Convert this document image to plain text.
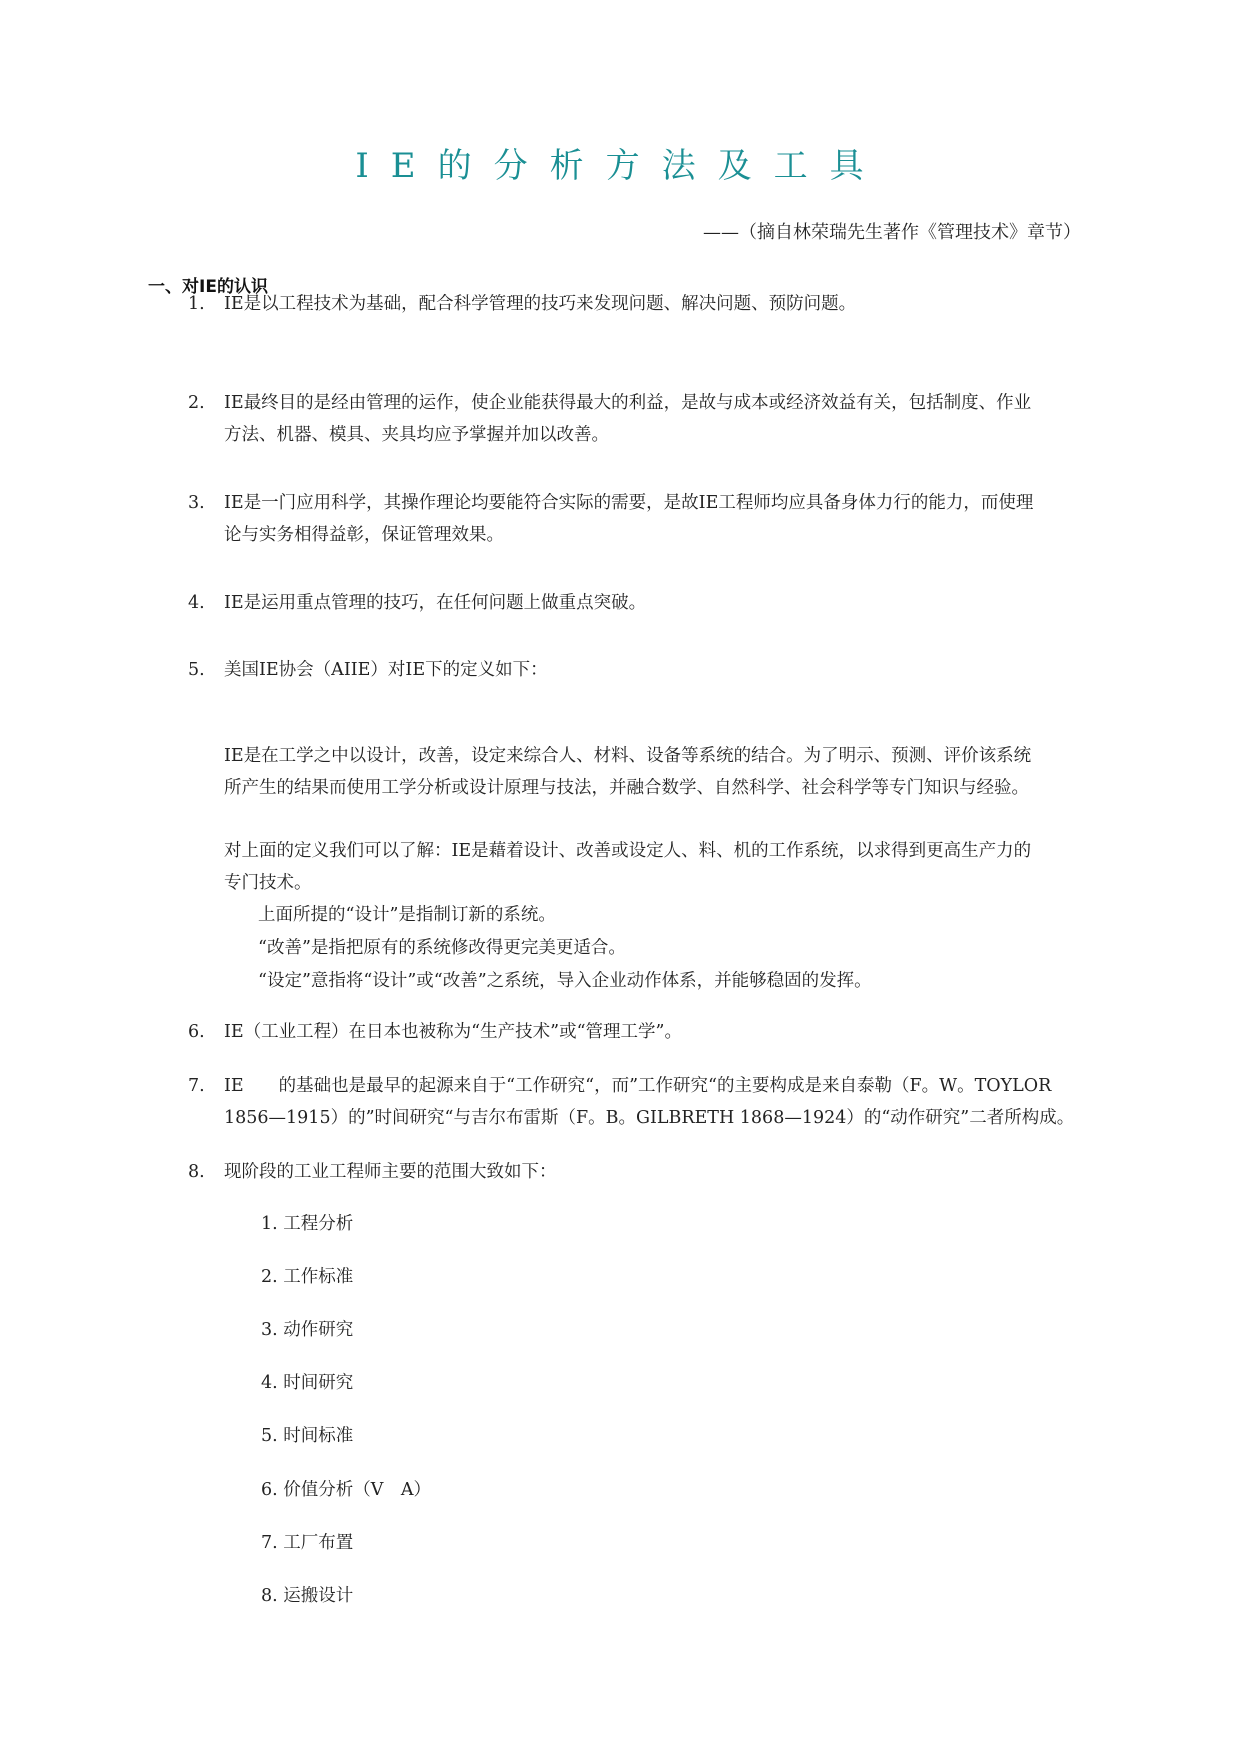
IE的分析方法及工具
——（摘自林荣瑞先生著作《管理技术》章节）
一、对IE的认识
1.	IE是以工程技术为基础，配合科学管理的技巧来发现问题、解决问题、预防问题。
2.	IE最终目的是经由管理的运作，使企业能获得最大的利益，是故与成本或经济效益有关，包括制度、作业
方法、机器、模具、夹具均应予掌握并加以改善。
3.	IE是一门应用科学，其操作理论均要能符合实际的需要，是故IE工程师均应具备身体力行的能力，而使理
论与实务相得益彰，保证管理效果。
4.	IE是运用重点管理的技巧，在任何问题上做重点突破。
5.	美国IE协会（AIIE）对IE下的定义如下：
IE是在工学之中以设计，改善，设定来综合人、材料、设备等系统的结合。为了明示、预测、评价该系统
所产生的结果而使用工学分析或设计原理与技法，并融合数学、自然科学、社会科学等专门知识与经验。
对上面的定义我们可以了解：IE是藉着设计、改善或设定人、料、机的工作系统，以求得到更高生产力的
专门技术。
上面所提的“设计”是指制订新的系统。
“改善”是指把原有的系统修改得更完美更适合。
“设定”意指将“设计”或“改善”之系统，导入企业动作体系，并能够稳固的发挥。
6.	IE（工业工程）在日本也被称为“生产技术”或“管理工学”。
7.	IE　　的基础也是最早的起源来自于“工作研究“，而”工作研究“的主要构成是来自泰勒（F。W。TOYLOR
1856—1915）的”时间研究“与吉尔布雷斯（F。B。GILBRETH 1868—1924）的“动作研究”二者所构成。
8.	现阶段的工业工程师主要的范围大致如下：
1. 工程分析
2. 工作标准
3. 动作研究
4. 时间研究
5. 时间标准
6. 价值分析（V　A）
7. 工厂布置
8. 运搬设计
